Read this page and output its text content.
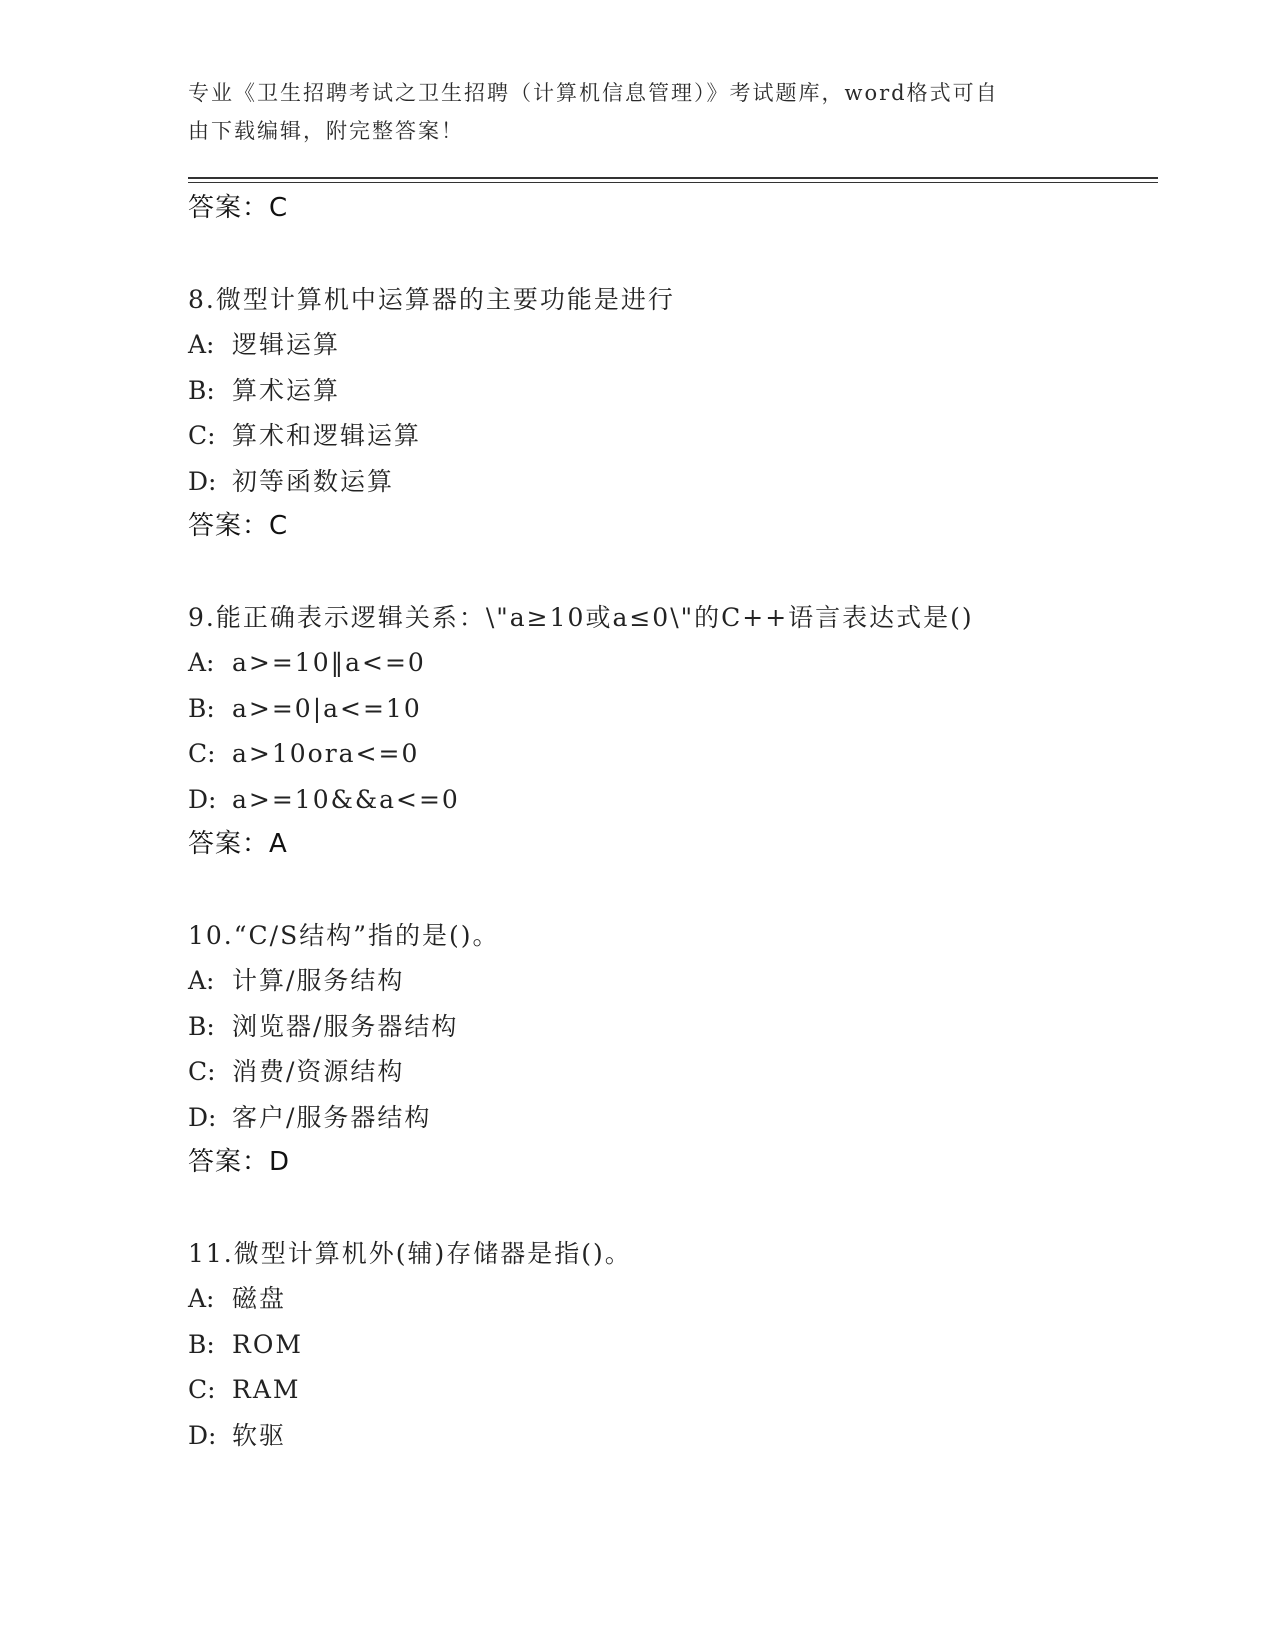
专业《卫生招聘考试之卫生招聘（计算机信息管理）》考试题库，word格式可自
由下载编辑，附完整答案！
答案：C
8.微型计算机中运算器的主要功能是进行
A: 逻辑运算
B: 算术运算
C: 算术和逻辑运算
D: 初等函数运算
答案：C
9.能正确表示逻辑关系：\"a≥10或a≤0\"的C++语言表达式是()
A: a>=10‖a<=0
B: a>=0|a<=10
C: a>10ora<=0
D: a>=10&&a<=0
答案：A
10.“C/S结构”指的是()。
A: 计算/服务结构
B: 浏览器/服务器结构
C: 消费/资源结构
D: 客户/服务器结构
答案：D
11.微型计算机外(辅)存储器是指()。
A: 磁盘
B: ROM
C: RAM
D: 软驱
